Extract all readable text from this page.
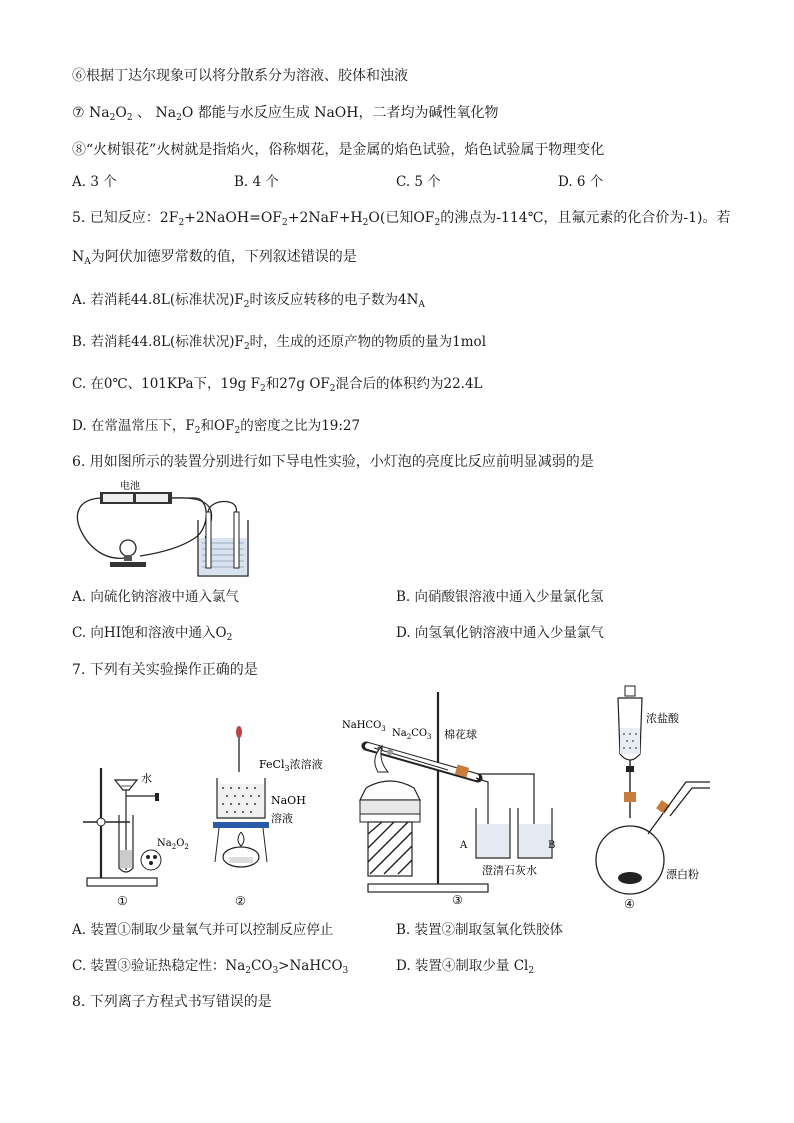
⑥根据丁达尔现象可以将分散系分为溶液、胶体和浊液
⑦ $Na_2O_2$ 、 $Na_2O$ 都能与水反应生成 NaOH，二者均为碱性氧化物
⑧“火树银花”火树就是指焰火，俗称烟花，是金属的焰色试验，焰色试验属于物理变化
A. 3 个	B. 4 个	C. 5 个	D. 6 个
5. 已知反应：$2F_2+2NaOH=OF_2+2NaF+H_2O$(已知$OF_2$的沸点为-114℃，且氟元素的化合价为-1)。若
$N_A$为阿伏加德罗常数的值，下列叙述错误的是
A. 若消耗44.8L(标准状况)$F_2$时该反应转移的电子数为$4N_A$
B. 若消耗44.8L(标准状况)$F_2$时，生成的还原产物的物质的量为1mol
C. 在0℃、101KPa下，19g $F_2$和27g $OF_2$混合后的体积约为22.4L
D. 在常温常压下，$F_2$和$OF_2$的密度之比为19:27
6. 用如图所示的装置分别进行如下导电性实验，小灯泡的亮度比反应前明显减弱的是
电池
A. 向硫化钠溶液中通入氯气	B. 向硝酸银溶液中通入少量氯化氢
C. 向HI饱和溶液中通入$O_2$	D. 向氢氧化钠溶液中通入少量氯气
7. 下列有关实验操作正确的是
水
$Na_2O_2$
①
FeCl$_3$浓溶液
NaOH
溶液
②
NaHCO$_3$ $Na_2CO_3$ 棉花球
A	B
澄清石灰水
③
浓盐酸
漂白粉
④
A. 装置①制取少量氧气并可以控制反应停止	B. 装置②制取氢氧化铁胶体
C. 装置③验证热稳定性：$Na_2CO_3>NaHCO_3$	D. 装置④制取少量 $Cl_2$
8. 下列离子方程式书写错误的是
